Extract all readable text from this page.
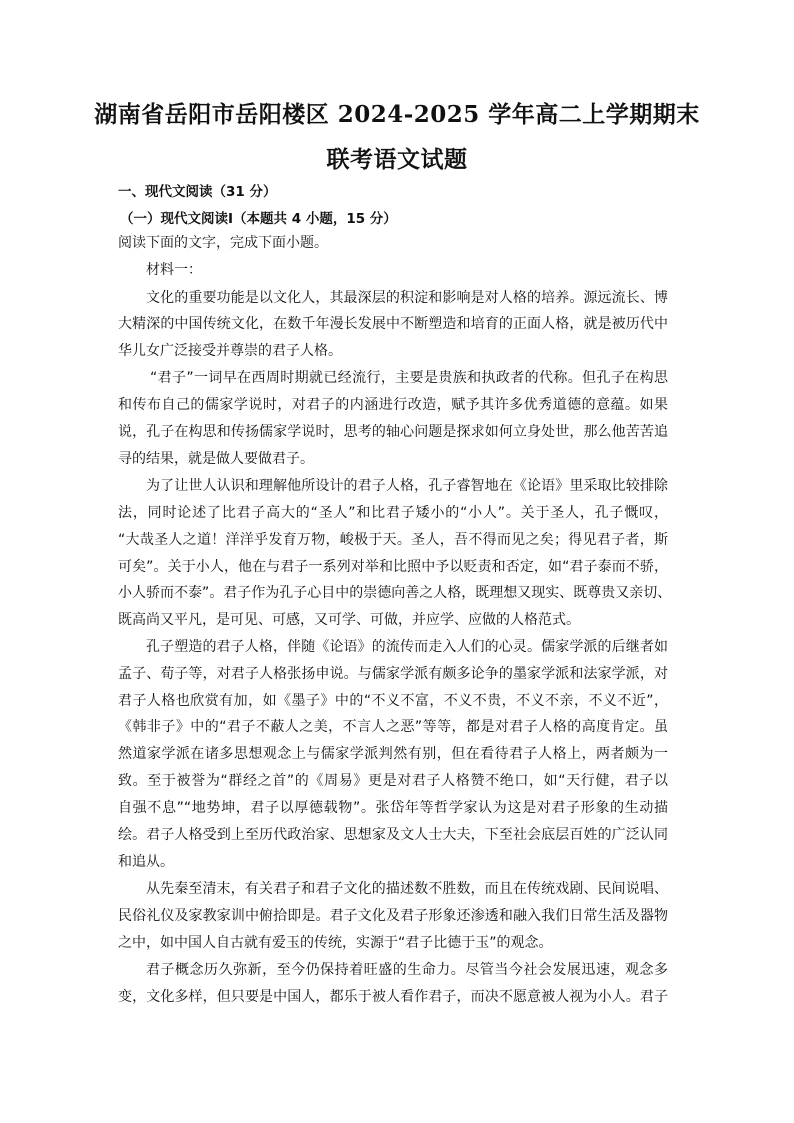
湖南省岳阳市岳阳楼区 2024-2025 学年高二上学期期末
联考语文试题
一、现代文阅读（31 分）
（一）现代文阅读Ⅰ（本题共 4 小题，15 分）
阅读下面的文字，完成下面小题。
材料一：
文化的重要功能是以文化人，其最深层的积淀和影响是对人格的培养。源远流长、博
大精深的中国传统文化，在数千年漫长发展中不断塑造和培育的正面人格，就是被历代中
华儿女广泛接受并尊崇的君子人格。
“君子”一词早在西周时期就已经流行，主要是贵族和执政者的代称。但孔子在构思
和传布自己的儒家学说时，对君子的内涵进行改造，赋予其许多优秀道德的意蕴。如果
说，孔子在构思和传扬儒家学说时，思考的轴心问题是探求如何立身处世，那么他苦苦追
寻的结果，就是做人要做君子。
为了让世人认识和理解他所设计的君子人格，孔子睿智地在《论语》里采取比较排除
法，同时论述了比君子高大的“圣人”和比君子矮小的“小人”。关于圣人，孔子慨叹，
“大哉圣人之道！洋洋乎发育万物，峻极于天。圣人，吾不得而见之矣；得见君子者，斯
可矣”。关于小人，他在与君子一系列对举和比照中予以贬责和否定，如“君子泰而不骄，
小人骄而不泰”。君子作为孔子心目中的崇德向善之人格，既理想又现实、既尊贵又亲切、
既高尚又平凡，是可见、可感，又可学、可做，并应学、应做的人格范式。
孔子塑造的君子人格，伴随《论语》的流传而走入人们的心灵。儒家学派的后继者如
孟子、荀子等，对君子人格张扬申说。与儒家学派有颇多论争的墨家学派和法家学派，对
君子人格也欣赏有加，如《墨子》中的“不义不富，不义不贵，不义不亲，不义不近”，
《韩非子》中的“君子不蔽人之美，不言人之恶”等等，都是对君子人格的高度肯定。虽
然道家学派在诸多思想观念上与儒家学派判然有别，但在看待君子人格上，两者颇为一
致。至于被誉为“群经之首”的《周易》更是对君子人格赞不绝口，如“天行健，君子以
自强不息”“地势坤，君子以厚德载物”。张岱年等哲学家认为这是对君子形象的生动描
绘。君子人格受到上至历代政治家、思想家及文人士大夫，下至社会底层百姓的广泛认同
和追从。
从先秦至清末，有关君子和君子文化的描述数不胜数，而且在传统戏剧、民间说唱、
民俗礼仪及家教家训中俯拾即是。君子文化及君子形象还渗透和融入我们日常生活及器物
之中，如中国人自古就有爱玉的传统，实源于“君子比德于玉”的观念。
君子概念历久弥新，至今仍保持着旺盛的生命力。尽管当今社会发展迅速，观念多
变，文化多样，但只要是中国人，都乐于被人看作君子，而决不愿意被人视为小人。君子
